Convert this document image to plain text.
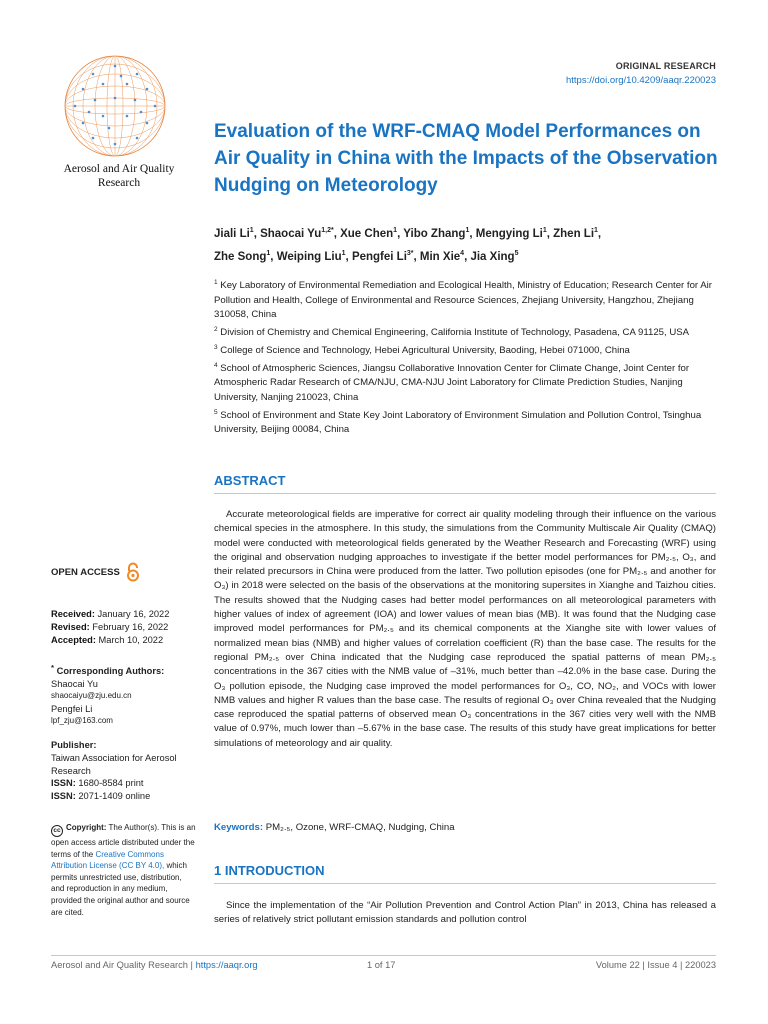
ORIGINAL RESEARCH
https://doi.org/10.4209/aaqr.220023
Aerosol and Air Quality Research
Evaluation of the WRF-CMAQ Model Performances on Air Quality in China with the Impacts of the Observation Nudging on Meteorology
Jiali Li$^1$, Shaocai $Yu^{1,2*}$, Xue Chen$^1$, Yibo Zhang$^1$, Mengying Li$^1$, Zhen Li$^1$,
Zhe Song$^1$, Weiping Liu$^1$, Pengfei $Li^{3*}$, Min Xie$^4$, Jia Xing$^5$
$^1$ Key Laboratory of Environmental Remediation and Ecological Health, Ministry of Education; Research Center for Air Pollution and Health, College of Environmental and Resource Sciences, Zhejiang University, Hangzhou, Zhejiang 310058, China
$^2$ Division of Chemistry and Chemical Engineering, California Institute of Technology, Pasadena, CA 91125, USA
$^3$ College of Science and Technology, Hebei Agricultural University, Baoding, Hebei 071000, China
$^4$ School of Atmospheric Sciences, Jiangsu Collaborative Innovation Center for Climate Change, Joint Center for Atmospheric Radar Research of CMA/NJU, CMA-NJU Joint Laboratory for Climate Prediction Studies, Nanjing University, Nanjing 210023, China
$^5$ School of Environment and State Key Joint Laboratory of Environment Simulation and Pollution Control, Tsinghua University, Beijing 00084, China
ABSTRACT
Accurate meteorological fields are imperative for correct air quality modeling through their influence on the various chemical species in the atmosphere. In this study, the simulations from the Community Multiscale Air Quality (CMAQ) model were conducted with meteorological fields generated by the Weather Research and Forecasting (WRF) using the original and observation nudging approaches to investigate if the better model performances for PM₂.₅, O₃, and their related precursors in China were produced from the latter. Two pollution episodes (one for PM₂.₅ and another for O₃) in 2018 were selected on the basis of the observations at the monitoring supersites in Xianghe and Taizhou cities. The results showed that the Nudging cases had better model performances on all meteorological parameters with higher values of index of agreement (IOA) and lower values of mean bias (MB). It was found that the Nudging case improved model performances for PM₂.₅ and its chemical components at the Xianghe site with lower values of normalized mean bias (NMB) and higher values of correlation coefficient (R) than the base case. The results for the regional PM₂.₅ over China indicated that the Nudging case reproduced the spatial patterns of mean PM₂.₅ concentrations in the 367 cities with the NMB value of –31%, much better than –42.0% in the base case. During the O₃ pollution episode, the Nudging case improved the model performances for O₃, CO, NO₂, and VOCs with lower NMB values and higher R values than the base case. The results of regional O₃ over China revealed that the Nudging case reproduced the spatial patterns of observed mean O₃ concentrations in the 367 cities very well with the NMB value of 0.97%, much lower than –5.67% in the base case. The results of this study have great implications for better simulations of meteorology and air quality.
Keywords: PM₂.₅, Ozone, WRF-CMAQ, Nudging, China
1 INTRODUCTION
Since the implementation of the “Air Pollution Prevention and Control Action Plan” in 2013, China has released a series of relatively strict pollutant emission standards and pollution control
OPEN ACCESS
Received: January 16, 2022
Revised: February 16, 2022
Accepted: March 10, 2022
* Corresponding Authors:
Shaocai Yu
shaocaiyu@zju.edu.cn
Pengfei Li
lpf_zju@163.com
Publisher:
Taiwan Association for Aerosol Research
ISSN: 1680-8584 print
ISSN: 2071-1409 online
cc Copyright: The Author(s). This is an open access article distributed under the terms of the Creative Commons Attribution License (CC BY 4.0), which permits unrestricted use, distribution, and reproduction in any medium, provided the original author and source are cited.
Aerosol and Air Quality Research | https://aaqr.org	1 of 17	Volume 22 | Issue 4 | 220023
